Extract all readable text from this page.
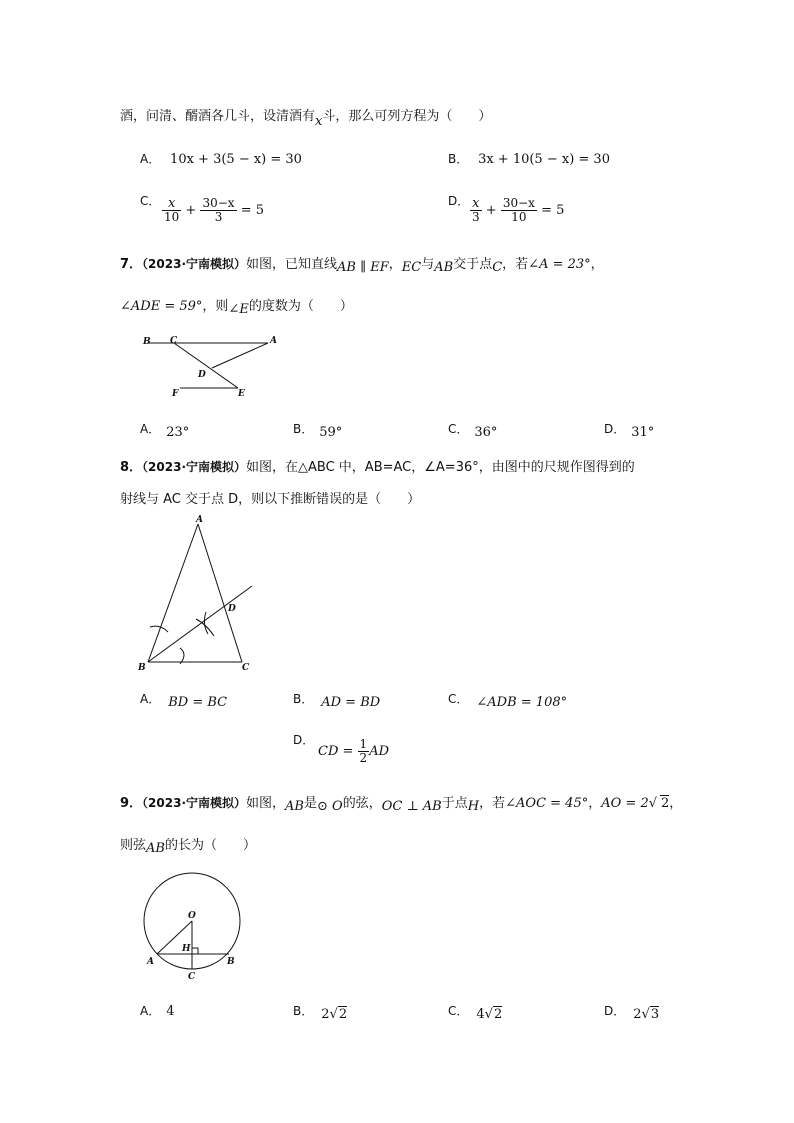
酒，问清、醑酒各几斗，设清酒有x斗，那么可列方程为（　　）
A． 10x + 3(5 − x) = 30	B． 3x + 10(5 − x) = 30
C． $\frac{x}{10} + \frac{30-x}{3} = 5$
D． $\frac{x}{3} + \frac{30-x}{10} = 5$
7．（2023·宁南模拟）如图，已知直线AB ∥ EF，EC与AB交于点C，若∠A = 23°，
∠ADE = 59°，则∠E的度数为（　　）
B C	A
D
F	E
A． 23°	B． 59°	C． 36°	D． 31°
8．（2023·宁南模拟）如图，在△ABC 中，AB=AC，∠A=36°，由图中的尺规作图得到的
射线与 AC 交于点 D，则以下推断错误的是（　　）
A
B	C
D
A． BD = BC	B． AD = BD	C． ∠ADB = 108°
D．
CD = $\frac{1}{2}$ AD
9．（2023·宁南模拟）如图，AB是⊙ O的弦，OC ⊥ AB于点H，若∠AOC = 45°，AO = 2√ 2，
则弦AB的长为（　　）
O
H
A	B
C
A． 4	B． 2√2	C． 4√2	D． 2√3
